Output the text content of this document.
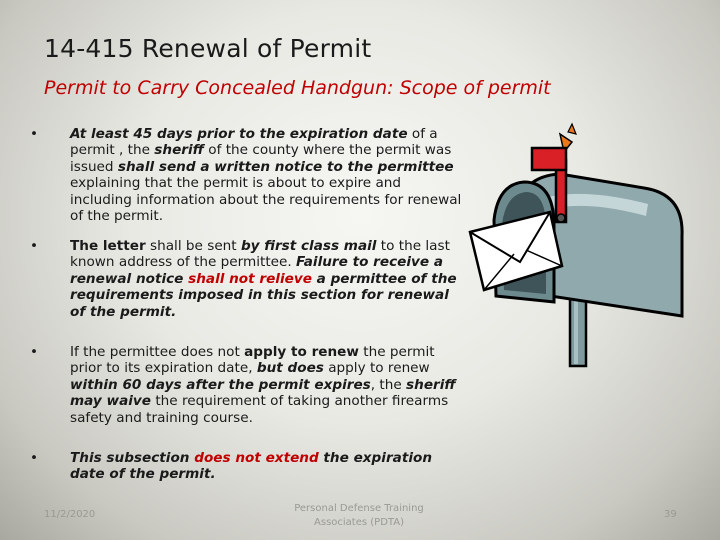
14-415 Renewal of Permit
Permit to Carry Concealed Handgun: Scope of permit
• At least 45 days prior to the expiration date of a permit , the sheriff of the county where the permit was issued shall send a written notice to the permittee explaining that the permit is about to expire and including information about the requirements for renewal of the permit.
• The letter shall be sent by first class mail to the last known address of the permittee. Failure to receive a renewal notice shall not relieve a permittee of the requirements imposed in this section for renewal of the permit.
• If the permittee does not apply to renew the permit prior to its expiration date, but does apply to renew within 60 days after the permit expires, the sheriff may waive the requirement of taking another firearms safety and training course.
• This subsection does not extend the expiration date of the permit.
11/2/2020
Personal Defense Training Associates (PDTA)
39
